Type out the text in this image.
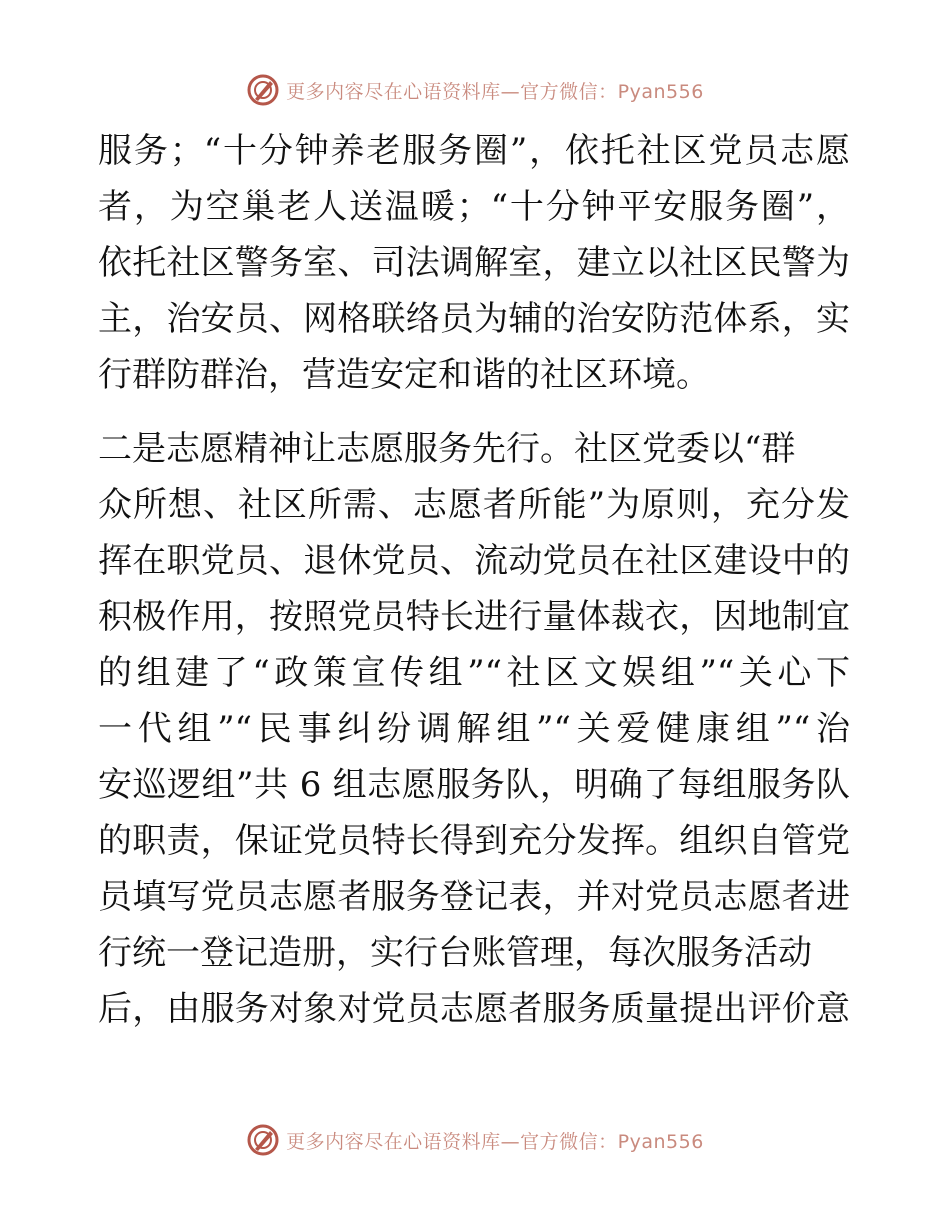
更多内容尽在心语资料库—官方微信：Pyan556
服务；“十分钟养老服务圈”，依托社区党员志愿
者，为空巢老人送温暖；“十分钟平安服务圈”，
依托社区警务室、司法调解室，建立以社区民警为
主，治安员、网格联络员为辅的治安防范体系，实
行群防群治，营造安定和谐的社区环境。
二是志愿精神让志愿服务先行。社区党委以“群
众所想、社区所需、志愿者所能”为原则，充分发
挥在职党员、退休党员、流动党员在社区建设中的
积极作用，按照党员特长进行量体裁衣，因地制宜
的组建了“政策宣传组”“社区文娱组”“关心下
一代组”“民事纠纷调解组”“关爱健康组”“治
安巡逻组”共 6 组志愿服务队，明确了每组服务队
的职责，保证党员特长得到充分发挥。组织自管党
员填写党员志愿者服务登记表，并对党员志愿者进
行统一登记造册，实行台账管理，每次服务活动
后，由服务对象对党员志愿者服务质量提出评价意
更多内容尽在心语资料库—官方微信：Pyan556
